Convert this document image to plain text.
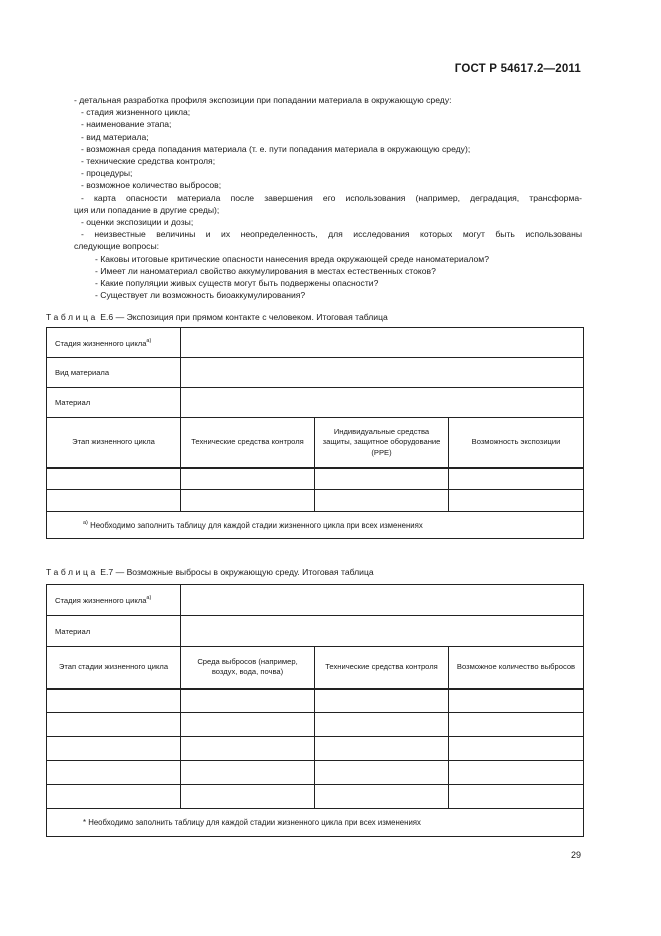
ГОСТ Р 54617.2—2011
- детальная разработка профиля экспозиции при попадании материала в окружающую среду:
- стадия жизненного цикла;
- наименование этапа;
- вид материала;
- возможная среда попадания материала (т. е. пути попадания материала в окружающую среду);
- технические средства контроля;
- процедуры;
- возможное количество выбросов;
- карта опасности материала после завершения его использования (например, деградация, трансформа-
ция или попадание в другие среды);
- оценки экспозиции и дозы;
- неизвестные величины и их неопределенность, для исследования которых могут быть использованы
следующие вопросы:
- Каковы итоговые критические опасности нанесения вреда окружающей среде наноматериалом?
- Имеет ли наноматериал свойство аккумулирования в местах естественных стоков?
- Какие популяции живых существ могут быть подвержены опасности?
- Существует ли возможность биоаккумулирования?
Таблица Е.6 — Экспозиция при прямом контакте с человеком. Итоговая таблица
Стадия жизненного цикла$^{а)}$	
Вид материала			
Материал			
Этап жизненного цикла	Технические средства контроля	Индивидуальные средства защиты, защитное оборудование (PPE)	Возможность экспозиции

$^{а)}$ Необходимо заполнить таблицу для каждой стадии жизненного цикла при всех изменениях			
Таблица Е.7 — Возможные выбросы в окружающую среду. Итоговая таблица
Стадия жизненного цикла$^{а)}$	
Материал			
Этап стадии жизненного цикла	Среда выбросов (например, воздух, вода, почва)	Технические средства контроля	Возможное количество выбросов

* Необходимо заполнить таблицу для каждой стадии жизненного цикла при всех изменениях			
29
